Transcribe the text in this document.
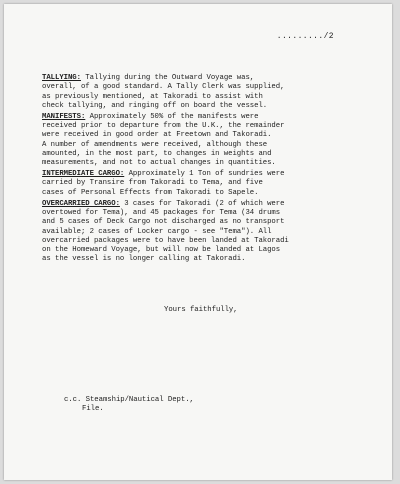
........./2
TALLYING: Tallying during the Outward Voyage was,
overall, of a good standard. A Tally Clerk was supplied,
as previously mentioned, at Takoradi to assist with
check tallying, and ringing off on board the vessel.
MANIFESTS: Approximately 50% of the manifests were
received prior to departure from the U.K., the remainder
were received in good order at Freetown and Takoradi.
A number of amendments were received, although these
amounted, in the most part, to changes in weights and
measurements, and not to actual changes in quantities.
INTERMEDIATE CARGO: Approximately 1 Ton of sundries were
carried by Transire from Takoradi to Tema, and five
cases of Personal Effects from Takoradi to Sapele.
OVERCARRIED CARGO: 3 cases for Takoradi (2 of which were
overtowed for Tema), and 45 packages for Tema (34 drums
and 5 cases of Deck Cargo not discharged as no transport
available; 2 cases of Locker cargo - see "Tema"). All
overcarried packages were to have been landed at Takoradi
on the Homeward Voyage, but will now be landed at Lagos
as the vessel is no longer calling at Takoradi.
Yours faithfully,
c.c. Steamship/Nautical Dept.,
File.
